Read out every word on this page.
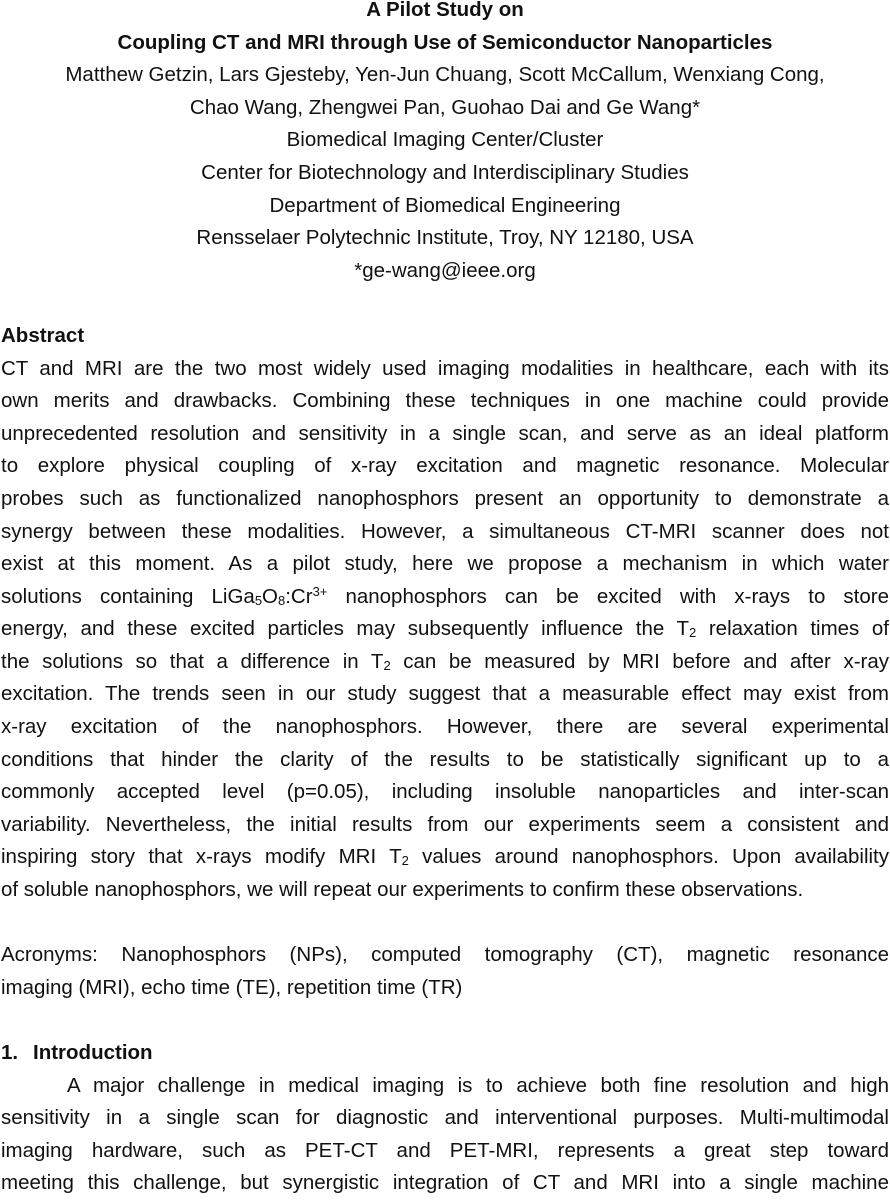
A Pilot Study on
Coupling CT and MRI through Use of Semiconductor Nanoparticles
Matthew Getzin, Lars Gjesteby, Yen-Jun Chuang, Scott McCallum, Wenxiang Cong,
Chao Wang, Zhengwei Pan, Guohao Dai and Ge Wang*
Biomedical Imaging Center/Cluster
Center for Biotechnology and Interdisciplinary Studies
Department of Biomedical Engineering
Rensselaer Polytechnic Institute, Troy, NY 12180, USA
*ge-wang@ieee.org
Abstract
CT and MRI are the two most widely used imaging modalities in healthcare, each with its
own merits and drawbacks. Combining these techniques in one machine could provide
unprecedented resolution and sensitivity in a single scan, and serve as an ideal platform
to explore physical coupling of x-ray excitation and magnetic resonance. Molecular
probes such as functionalized nanophosphors present an opportunity to demonstrate a
synergy between these modalities. However, a simultaneous CT-MRI scanner does not
exist at this moment. As a pilot study, here we propose a mechanism in which water
solutions containing $LiGa_5O_8:Cr^{3+}$ nanophosphors can be excited with x-rays to store
energy, and these excited particles may subsequently influence the $T_2$ relaxation times of
the solutions so that a difference in $T_2$ can be measured by MRI before and after x-ray
excitation. The trends seen in our study suggest that a measurable effect may exist from
x-ray excitation of the nanophosphors. However, there are several experimental
conditions that hinder the clarity of the results to be statistically significant up to a
commonly accepted level (p=0.05), including insoluble nanoparticles and inter-scan
variability. Nevertheless, the initial results from our experiments seem a consistent and
inspiring story that x-rays modify MRI $T_2$ values around nanophosphors. Upon availability
of soluble nanophosphors, we will repeat our experiments to confirm these observations.
Acronyms: Nanophosphors (NPs), computed tomography (CT), magnetic resonance
imaging (MRI), echo time (TE), repetition time (TR)
1. Introduction
A major challenge in medical imaging is to achieve both fine resolution and high
sensitivity in a single scan for diagnostic and interventional purposes. Multi-multimodal
imaging hardware, such as PET-CT and PET-MRI, represents a great step toward
meeting this challenge, but synergistic integration of CT and MRI into a single machine
